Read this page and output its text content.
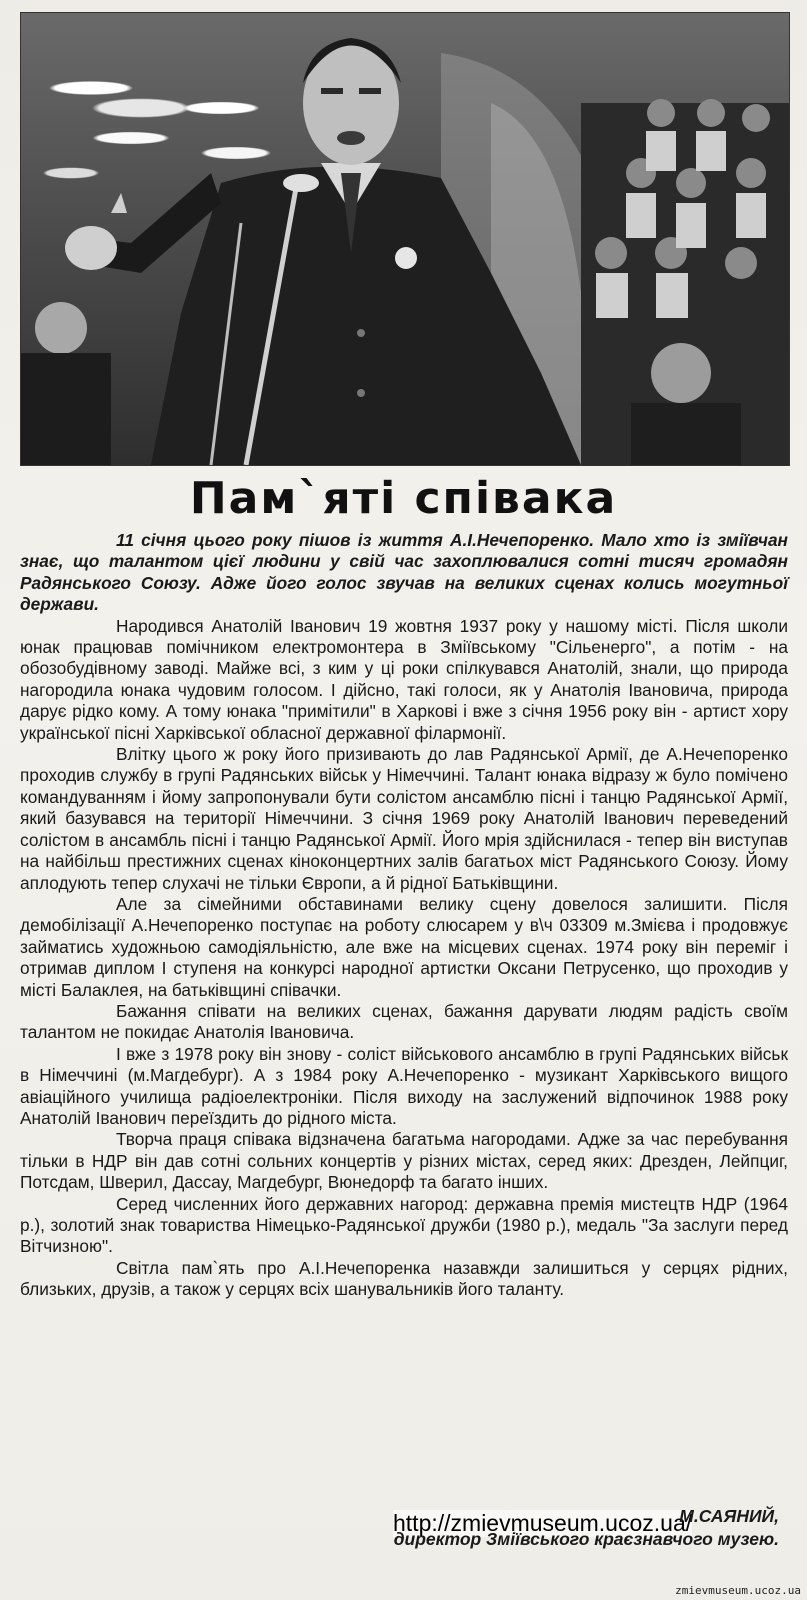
Пам`яті співака

11 січня цього року пішов із життя А.І.Нечепоренко. Мало хто із зміївчан знає, що талантом цієї людини у свій час захоплювалися сотні тисяч громадян Радянського Союзу. Адже його голос звучав на великих сценах колись могутньої держави.

Народився Анатолій Іванович 19 жовтня 1937 року у нашому місті. Після школи юнак працював помічником електромонтера в Зміївському "Сільенерго", а потім - на обозобудівному заводі. Майже всі, з ким у ці роки спілкувався Анатолій, знали, що природа нагородила юнака чудовим голосом. І дійсно, такі голоси, як у Анатолія Івановича, природа дарує рідко кому. А тому юнака "примітили" в Харкові і вже з січня 1956 року він - артист хору української пісні Харківської обласної державної філармонії.

Влітку цього ж року його призивають до лав Радянської Армії, де А.Нечепоренко проходив службу в групі Радянських військ у Німеччині. Талант юнака відразу ж було помічено командуванням і йому запропонували бути солістом ансамблю пісні і танцю Радянської Армії, який базувався на території Німеччини. З січня 1969 року Анатолій Іванович переведений солістом в ансамбль пісні і танцю Радянської Армії. Його мрія здійснилася - тепер він виступав на найбільш престижних сценах кіноконцертних залів багатьох міст Радянського Союзу. Йому аплодують тепер слухачі не тільки Європи, а й рідної Батьківщини.

Але за сімейними обставинами велику сцену довелося залишити. Після демобілізації А.Нечепоренко поступає на роботу слюсарем у в\ч 03309 м.Змієва і продовжує займатись художньою самодіяльністю, але вже на місцевих сценах. 1974 року він переміг і отримав диплом І ступеня на конкурсі народної артистки Оксани Петрусенко, що проходив у місті Балаклея, на батьківщині співачки.

Бажання співати на великих сценах, бажання дарувати людям радість своїм талантом не покидає Анатолія Івановича.

І вже з 1978 року він знову - соліст військового ансамблю в групі Радянських військ в Німеччині (м.Магдебург). А з 1984 року А.Нечепоренко - музикант Харківського вищого авіаційного училища радіоелектроніки. Після виходу на заслужений відпочинок 1988 року Анатолій Іванович переїздить до рідного міста.

Творча праця співака відзначена багатьма нагородами. Адже за час перебування тільки в НДР він дав сотні сольних концертів у різних містах, серед яких: Дрезден, Лейпциг, Потсдам, Шверил, Дассау, Магдебург, Вюнедорф та багато інших.

Серед численних його державних нагород: державна премія мистецтв НДР (1964 р.), золотий знак товариства Німецько-Радянської дружби (1980 р.), медаль "За заслуги перед Вітчизною".

Світла пам`ять про А.І.Нечепоренка назавжди залишиться у серцях рідних, близьких, друзів, а також у серцях всіх шанувальників його таланту.

http://zmievmuseum.ucoz.ua/
М.САЯНИЙ,
директор Зміївського краєзнавчого музею.
zmievmuseum.ucoz.ua
